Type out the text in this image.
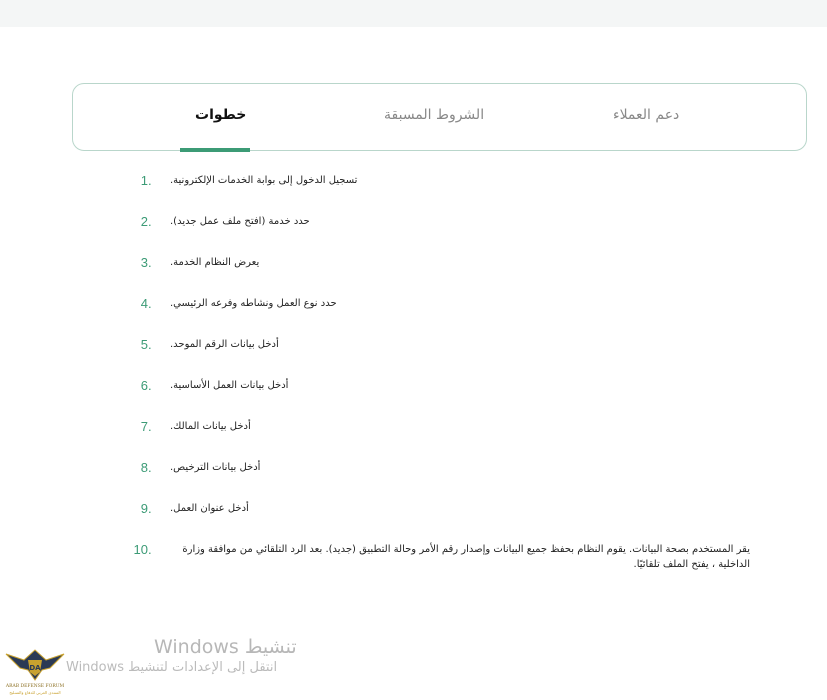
دعم العملاء
الشروط المسبقة
خطوات
1 . تسجيل الدخول إلى بوابة الخدمات الإلكترونية.
2 . حدد خدمة (افتح ملف عمل جديد).
3 . يعرض النظام الخدمة.
4 . حدد نوع العمل ونشاطه وفرعه الرئيسي.
5 . أدخل بيانات الرقم الموحد.
6 . أدخل بيانات العمل الأساسية.
7 . أدخل بيانات المالك.
8 . أدخل بيانات الترخيص.
9 . أدخل عنوان العمل.
10 .	يقر المستخدم بصحة البيانات. يقوم النظام بحفظ جميع البيانات وإصدار رقم الأمر وحالة التطبيق (جديد). بعد الرد التلقائي من موافقة وزارة الداخلية ، يفتح الملف تلقائيًا.
تنشيط Windows
انتقل إلى الإعدادات لتنشيط Windows
DA
ARAB DEFENSE FORUM
المنتدى العربي للدفاع والتسليح
